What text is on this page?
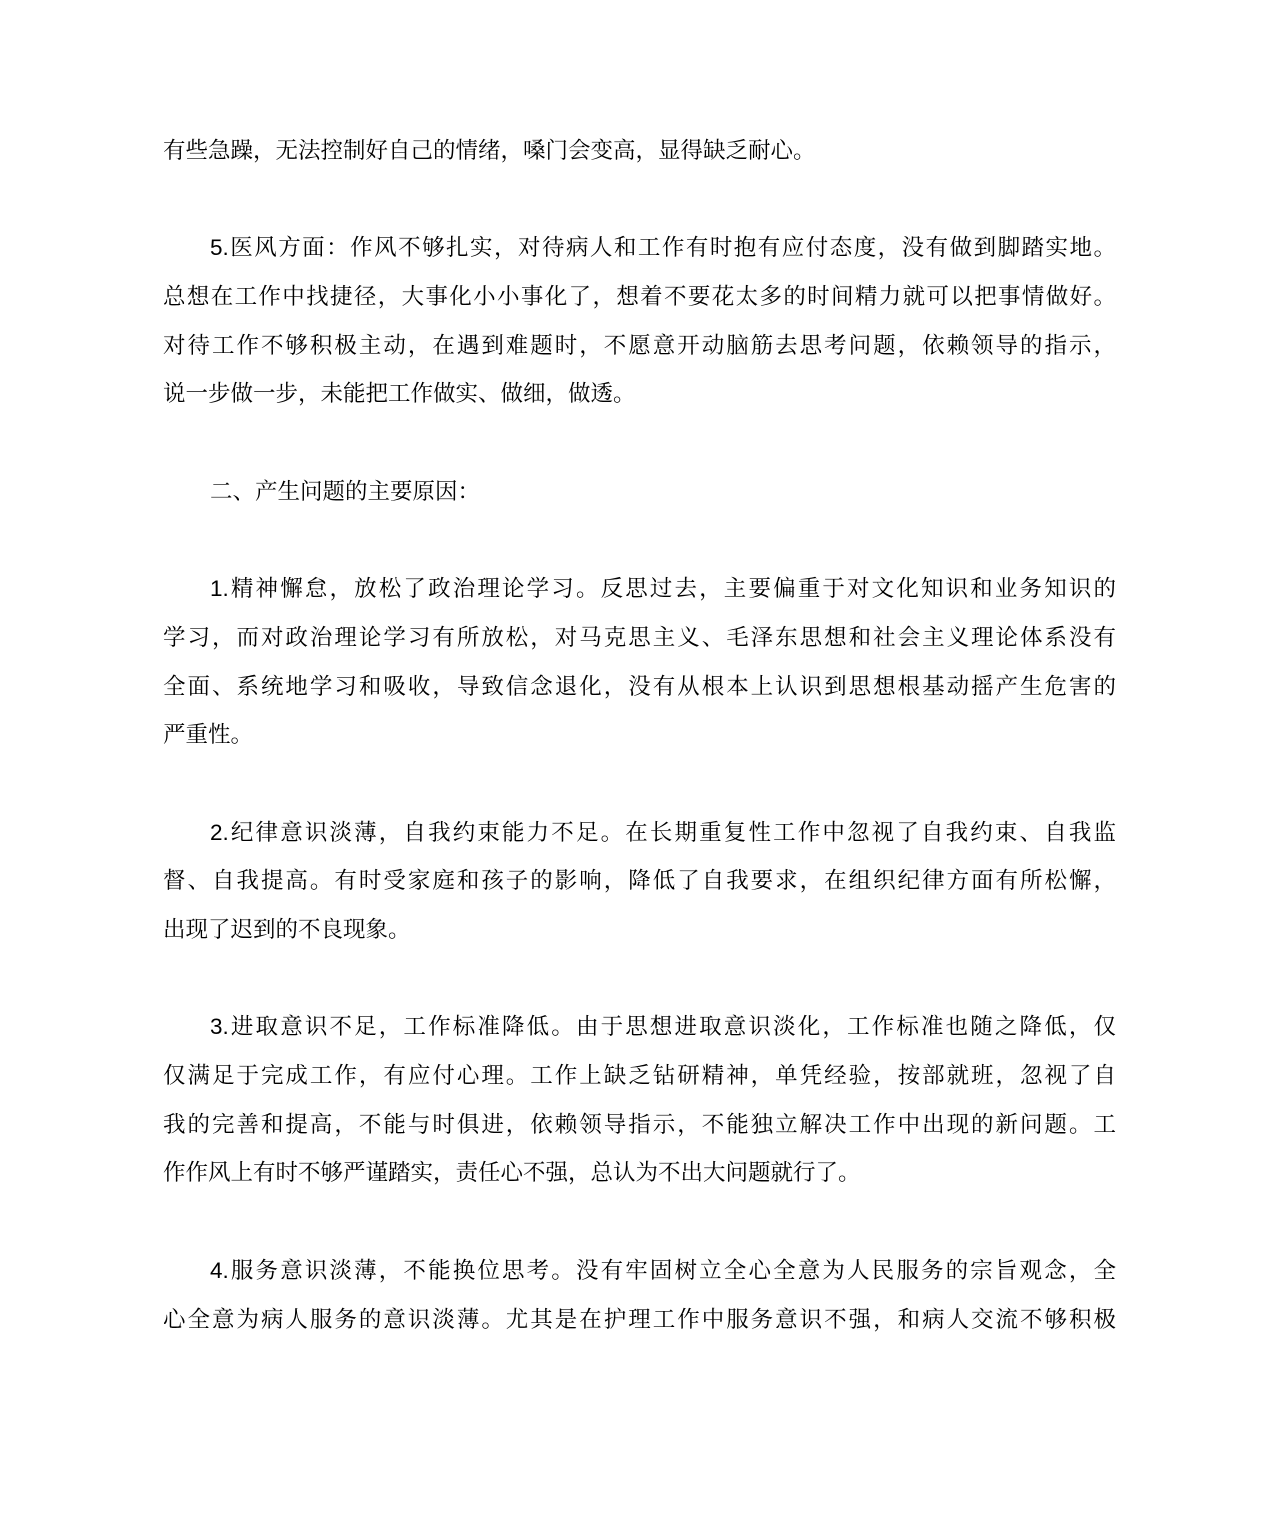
有些急躁，无法控制好自己的情绪，嗓门会变高，显得缺乏耐心。
5.医风方面：作风不够扎实，对待病人和工作有时抱有应付态度，没有做到脚踏实地。
总想在工作中找捷径，大事化小小事化了，想着不要花太多的时间精力就可以把事情做好。
对待工作不够积极主动，在遇到难题时，不愿意开动脑筋去思考问题，依赖领导的指示，
说一步做一步，未能把工作做实、做细，做透。
二、产生问题的主要原因：
1.精神懈怠，放松了政治理论学习。反思过去，主要偏重于对文化知识和业务知识的
学习，而对政治理论学习有所放松，对马克思主义、毛泽东思想和社会主义理论体系没有
全面、系统地学习和吸收，导致信念退化，没有从根本上认识到思想根基动摇产生危害的
严重性。
2.纪律意识淡薄，自我约束能力不足。在长期重复性工作中忽视了自我约束、自我监
督、自我提高。有时受家庭和孩子的影响，降低了自我要求，在组织纪律方面有所松懈，
出现了迟到的不良现象。
3.进取意识不足，工作标准降低。由于思想进取意识淡化，工作标准也随之降低，仅
仅满足于完成工作，有应付心理。工作上缺乏钻研精神，单凭经验，按部就班，忽视了自
我的完善和提高，不能与时俱进，依赖领导指示，不能独立解决工作中出现的新问题。工
作作风上有时不够严谨踏实，责任心不强，总认为不出大问题就行了。
4.服务意识淡薄，不能换位思考。没有牢固树立全心全意为人民服务的宗旨观念，全
心全意为病人服务的意识淡薄。尤其是在护理工作中服务意识不强，和病人交流不够积极
